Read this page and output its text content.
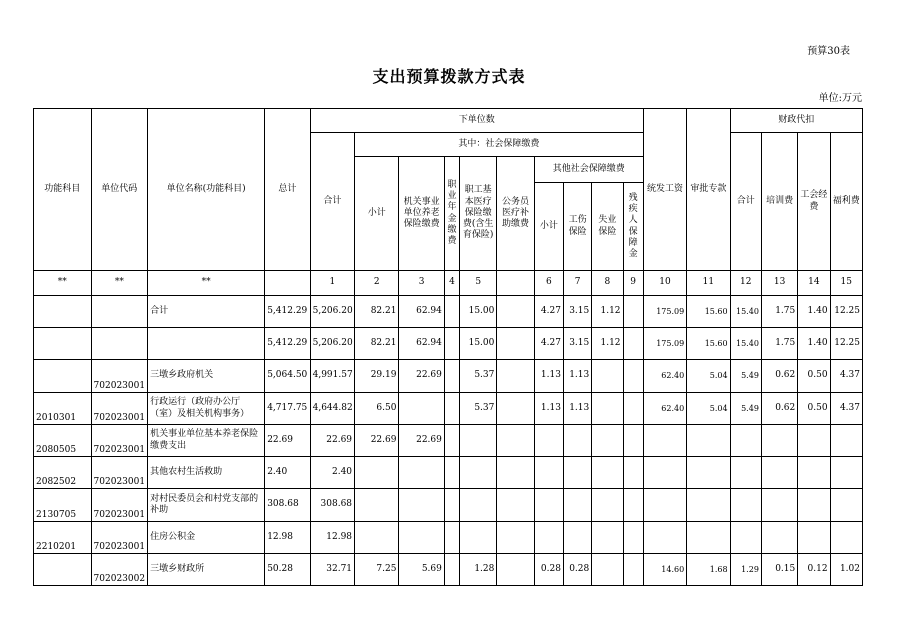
预算30表
支出预算拨款方式表
单位:万元
功能科目	单位代码	单位名称(功能科目)	总计	下单位数										统发工资	审批专款	财政代扣			
				合计	其中：社会保障缴费											合计	培训费	工会经费	福利费
					小计	机关事业单位养老保险缴费	职业年金缴费	职工基本医疗保险缴费(含生育保险)	公务员医疗补助缴费	其他社会保障缴费									
										小计	工伤保险	失业保险	残疾人保障金						
**	**	**		1	2	3	4	5		6	7	8	9	10	11	12	13	14	15
		合计	5,412.29	5,206.20	82.21	62.94		15.00		4.27	3.15	1.12		175.09	15.60	15.40	1.75	1.40	12.25
			5,412.29	5,206.20	82.21	62.94		15.00		4.27	3.15	1.12		175.09	15.60	15.40	1.75	1.40	12.25
	702023001	三墩乡政府机关	5,064.50	4,991.57	29.19	22.69		5.37		1.13	1.13			62.40	5.04	5.49	0.62	0.50	4.37
2010301	702023001	行政运行（政府办公厅（室）及相关机构事务）	4,717.75	4,644.82	6.50			5.37		1.13	1.13			62.40	5.04	5.49	0.62	0.50	4.37
2080505	702023001	机关事业单位基本养老保险缴费支出	22.69	22.69	22.69	22.69													
2082502	702023001	其他农村生活救助	2.40	2.40															
2130705	702023001	对村民委员会和村党支部的补助	308.68	308.68															
2210201	702023001	住房公积金	12.98	12.98															
	702023002	三墩乡财政所	50.28	32.71	7.25	5.69		1.28		0.28	0.28			14.60	1.68	1.29	0.15	0.12	1.02
